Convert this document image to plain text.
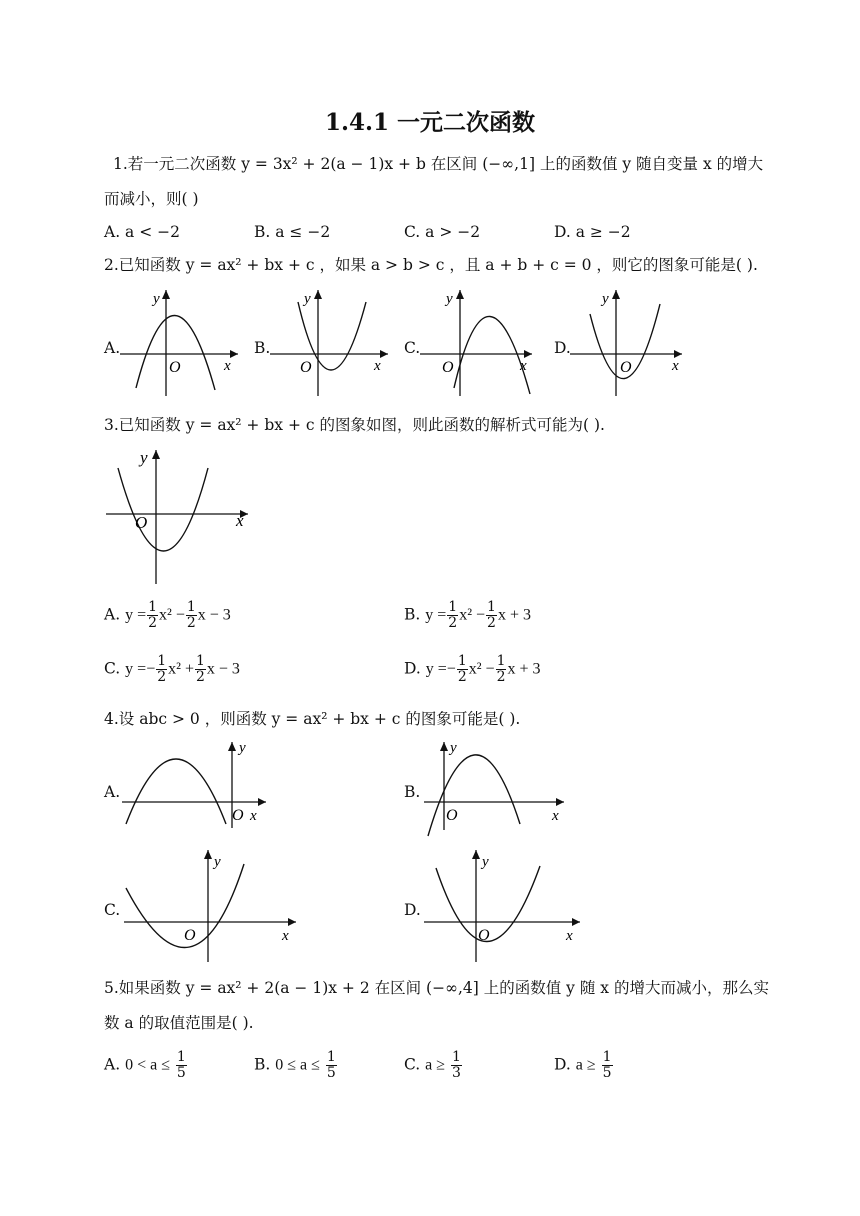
1.4.1 一元二次函数
1.若一元二次函数 y = 3x² + 2(a − 1)x + b 在区间 (−∞,1] 上的函数值 y 随自变量 x 的增大
而减小，则( )
A. a < −2	B. a ≤ −2	C. a > −2	D. a ≥ −2
2.已知函数 y = ax² + bx + c ，如果 a > b > c ，且 a + b + c = 0 ，则它的图象可能是( ).
A.
y
O	x
B.
y
O	x
C.
y
O	x
D.
y
O	x
3.已知函数 y = ax² + bx + c 的图象如图，则此函数的解析式可能为( ).
y
O	x
A. $y = \frac{1}{2} x^2 - \frac{1}{2}$ x − 3	B. $y = \frac{1}{2} x^2 - \frac{1}{2}$ x + 3
C. $y =- \frac{1}{2} x^2 + \frac{1}{2}$ x − 3	D. $y =- \frac{1}{2} x^2 - \frac{1}{2}$ x + 3
4.设 abc > 0 ，则函数 y = ax² + bx + c 的图象可能是( ).
A.
y
O x
B.
y
O	x
C.
y
O	x
D.
y
O	x
5.如果函数 y = ax² + 2(a − 1)x + 2 在区间 (−∞,4] 上的函数值 y 随 x 的增大而减小，那么实
数 a 的取值范围是( ).
A. $0 < a \le \frac{1}{5}$	B. $0 \le a \le \frac{1}{5}$	C. $a \ge \frac{1}{3}$	D. $a \ge \frac{1}{5}$
